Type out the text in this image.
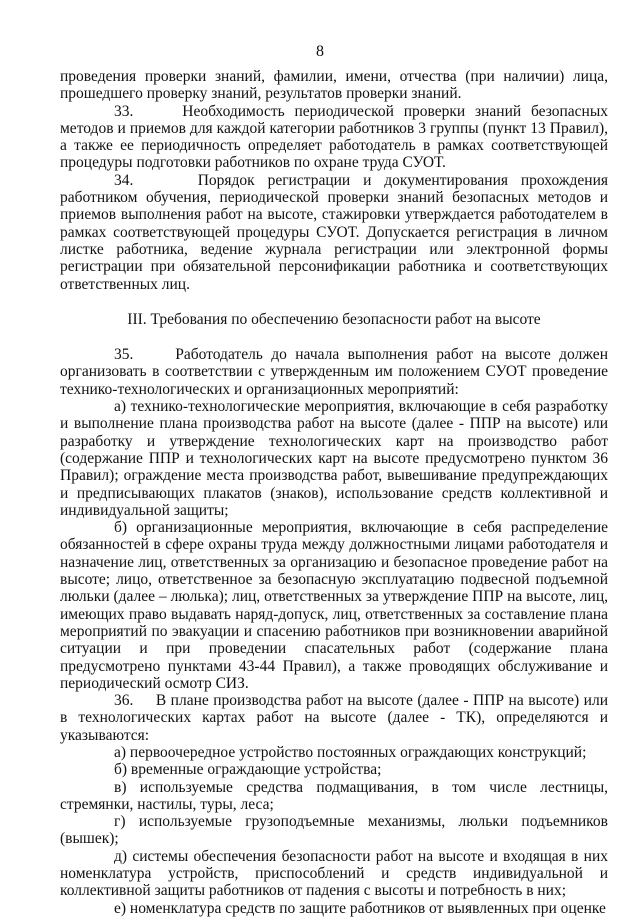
8

проведения проверки знаний, фамилии, имени, отчества (при наличии) лица, прошедшего проверку знаний, результатов проверки знаний.

33.     Необходимость периодической проверки знаний безопасных методов и приемов для каждой категории работников 3 группы (пункт 13 Правил), а также ее периодичность определяет работодатель в рамках соответствующей процедуры подготовки работников по охране труда СУОТ.

34.     Порядок регистрации и документирования прохождения работником обучения, периодической проверки знаний безопасных методов и приемов выполнения работ на высоте, стажировки утверждается работодателем в рамках соответствующей процедуры СУОТ. Допускается регистрация в личном листке работника, ведение журнала регистрации или электронной формы регистрации при обязательной персонификации работника и соответствующих ответственных лиц.

III. Требования по обеспечению безопасности работ на высоте

35.     Работодатель до начала выполнения работ на высоте должен организовать в соответствии с утвержденным им положением СУОТ проведение технико-технологических и организационных мероприятий:

а) технико-технологические мероприятия, включающие в себя разработку и выполнение плана производства работ на высоте (далее - ППР на высоте) или разработку и утверждение технологических карт на производство работ (содержание ППР и технологических карт на высоте предусмотрено пунктом 36 Правил); ограждение места производства работ, вывешивание предупреждающих и предписывающих плакатов (знаков), использование средств коллективной и индивидуальной защиты;

б) организационные мероприятия, включающие в себя распределение обязанностей в сфере охраны труда между должностными лицами работодателя и назначение лиц, ответственных за организацию и безопасное проведение работ на высоте; лицо, ответственное за безопасную эксплуатацию подвесной подъемной люльки (далее – люлька); лиц, ответственных за утверждение ППР на высоте, лиц, имеющих право выдавать наряд-допуск, лиц, ответственных за составление плана мероприятий по эвакуации и спасению работников при возникновении аварийной ситуации и при проведении спасательных работ (содержание плана предусмотрено пунктами 43-44 Правил), а также проводящих обслуживание и периодический осмотр СИЗ.

36.     В плане производства работ на высоте (далее - ППР на высоте) или в технологических картах работ на высоте (далее - ТК), определяются и указываются:

а) первоочередное устройство постоянных ограждающих конструкций;

б) временные ограждающие устройства;

в) используемые средства подмащивания, в том числе лестницы, стремянки, настилы, туры, леса;

г) используемые грузоподъемные механизмы, люльки подъемников (вышек);

д) системы обеспечения безопасности работ на высоте и входящая в них номенклатура устройств, приспособлений и средств индивидуальной и коллективной защиты работников от падения с высоты и потребность в них;

е) номенклатура средств по защите работников от выявленных при оценке
